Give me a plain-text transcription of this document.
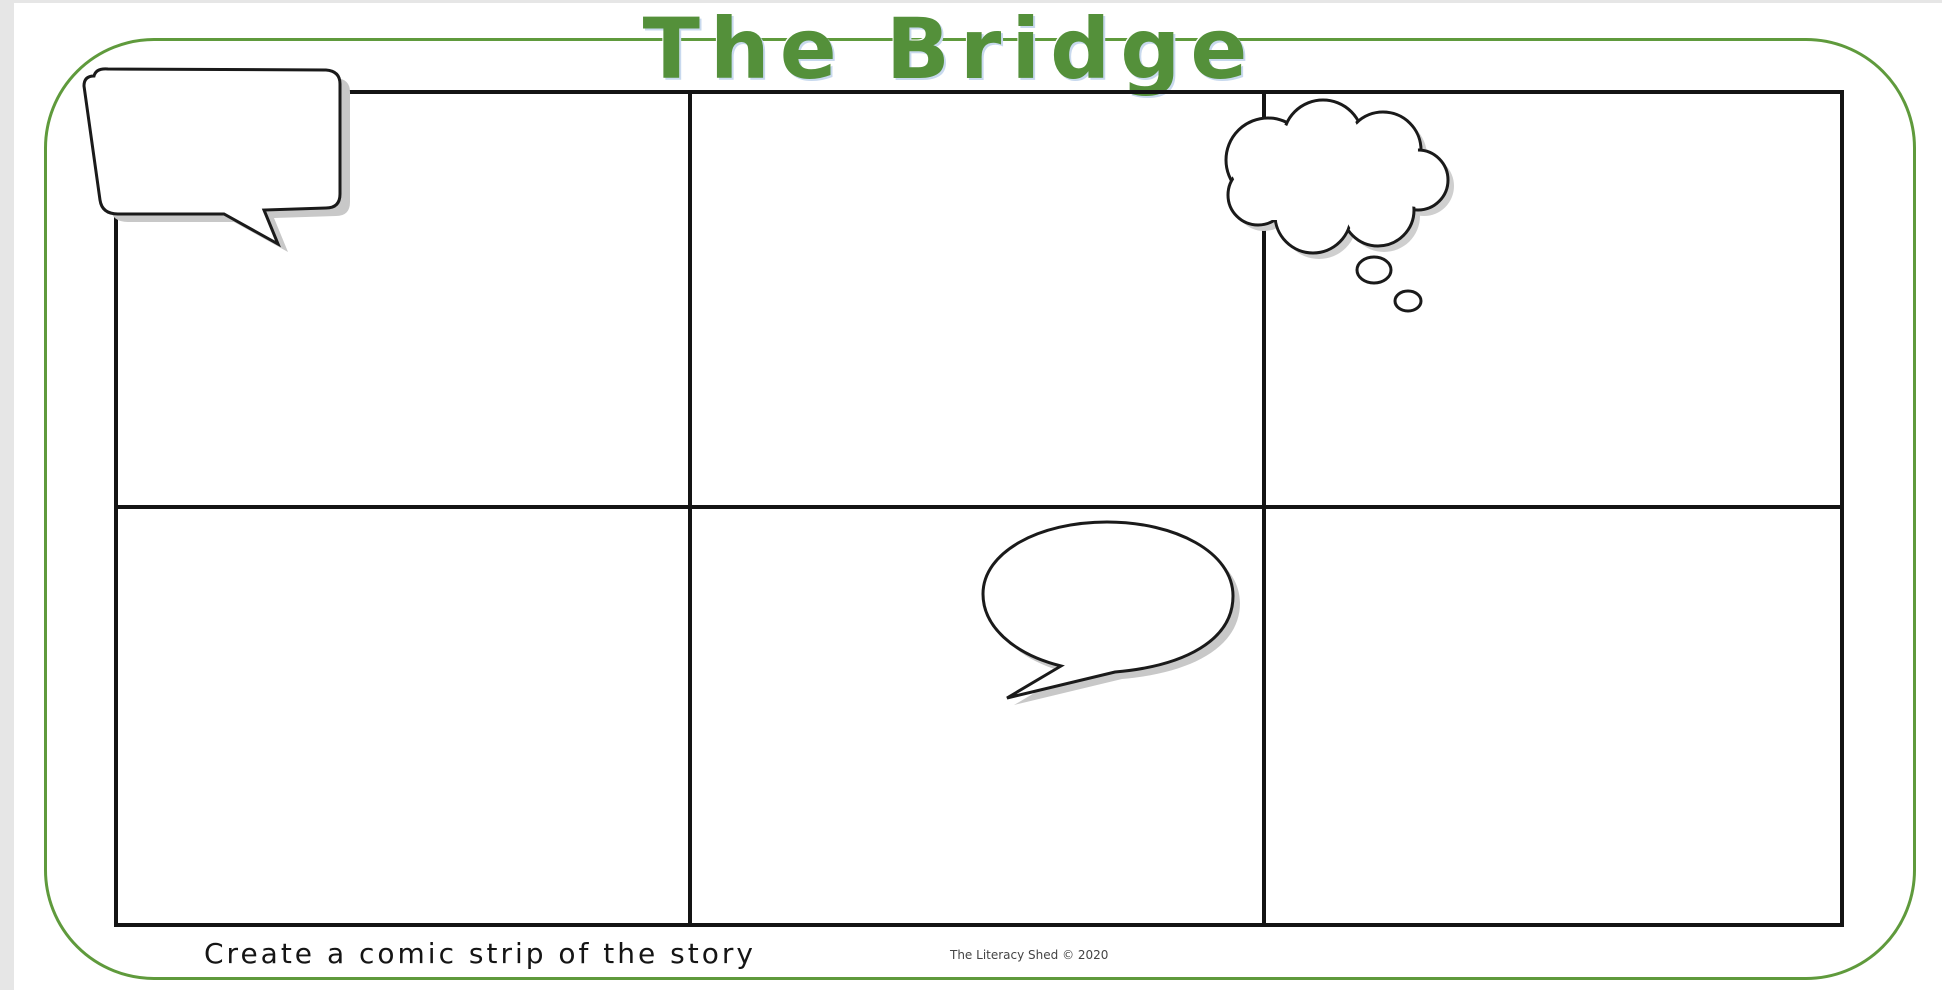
The Bridge
Create a comic strip of the story	The Literacy Shed © 2020
